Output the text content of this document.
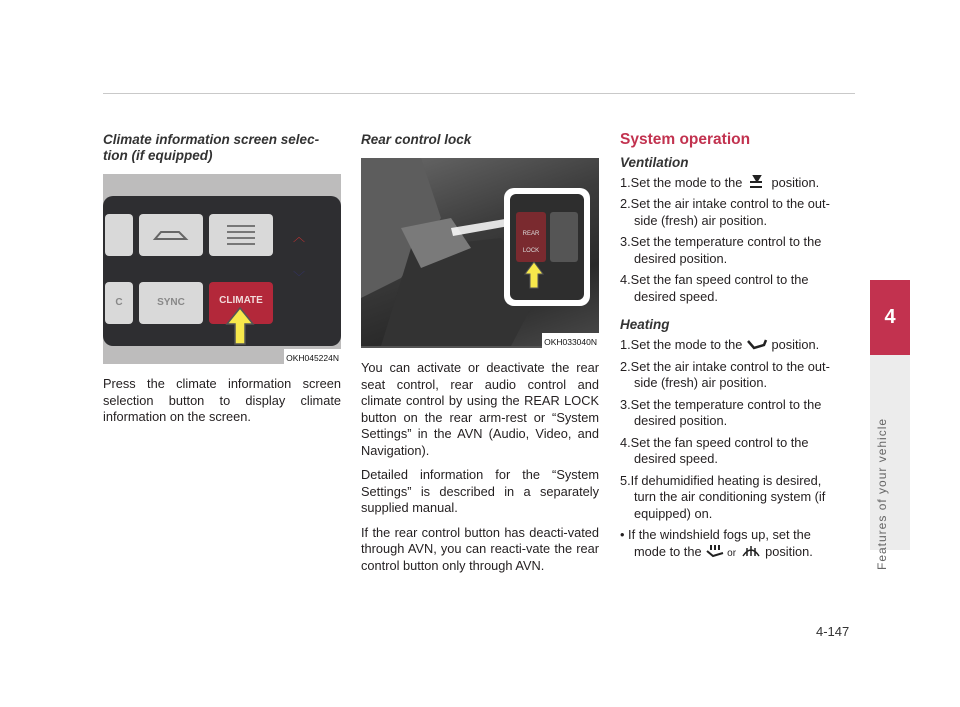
4
Features of your vehicle
Climate information screen selec-
tion (if equipped)
︿
﹀
C	SYNC	CLIMATE
OKH045224N

Press the climate information screen selection button to display climate information on the screen.

Rear control lock
REAR LOCK
OKH033040N

You can activate or deactivate the rear seat control, rear audio control and climate control by using the REAR LOCK button on the rear arm-rest or “System Settings” in the AVN (Audio, Video, and Navigation).

Detailed information for the “System Settings” is described in a separately supplied manual.

If the rear control button has deacti-vated through AVN, you can reacti-vate the rear control button only through AVN.

System operation
Ventilation
1.Set the mode to the  position.
2.Set the air intake control to the out-
side (fresh) air position.
3.Set the temperature control to the
desired position.
4.Set the fan speed control to the
desired speed.
Heating
1.Set the mode to the  position.
2.Set the air intake control to the out-
side (fresh) air position.
3.Set the temperature control to the
desired position.
4.Set the fan speed control to the
desired speed.
5.If dehumidified heating is desired,
turn the air conditioning system (if equipped) on.
• If the windshield fogs up, set the
mode to the or  position.
4-147
